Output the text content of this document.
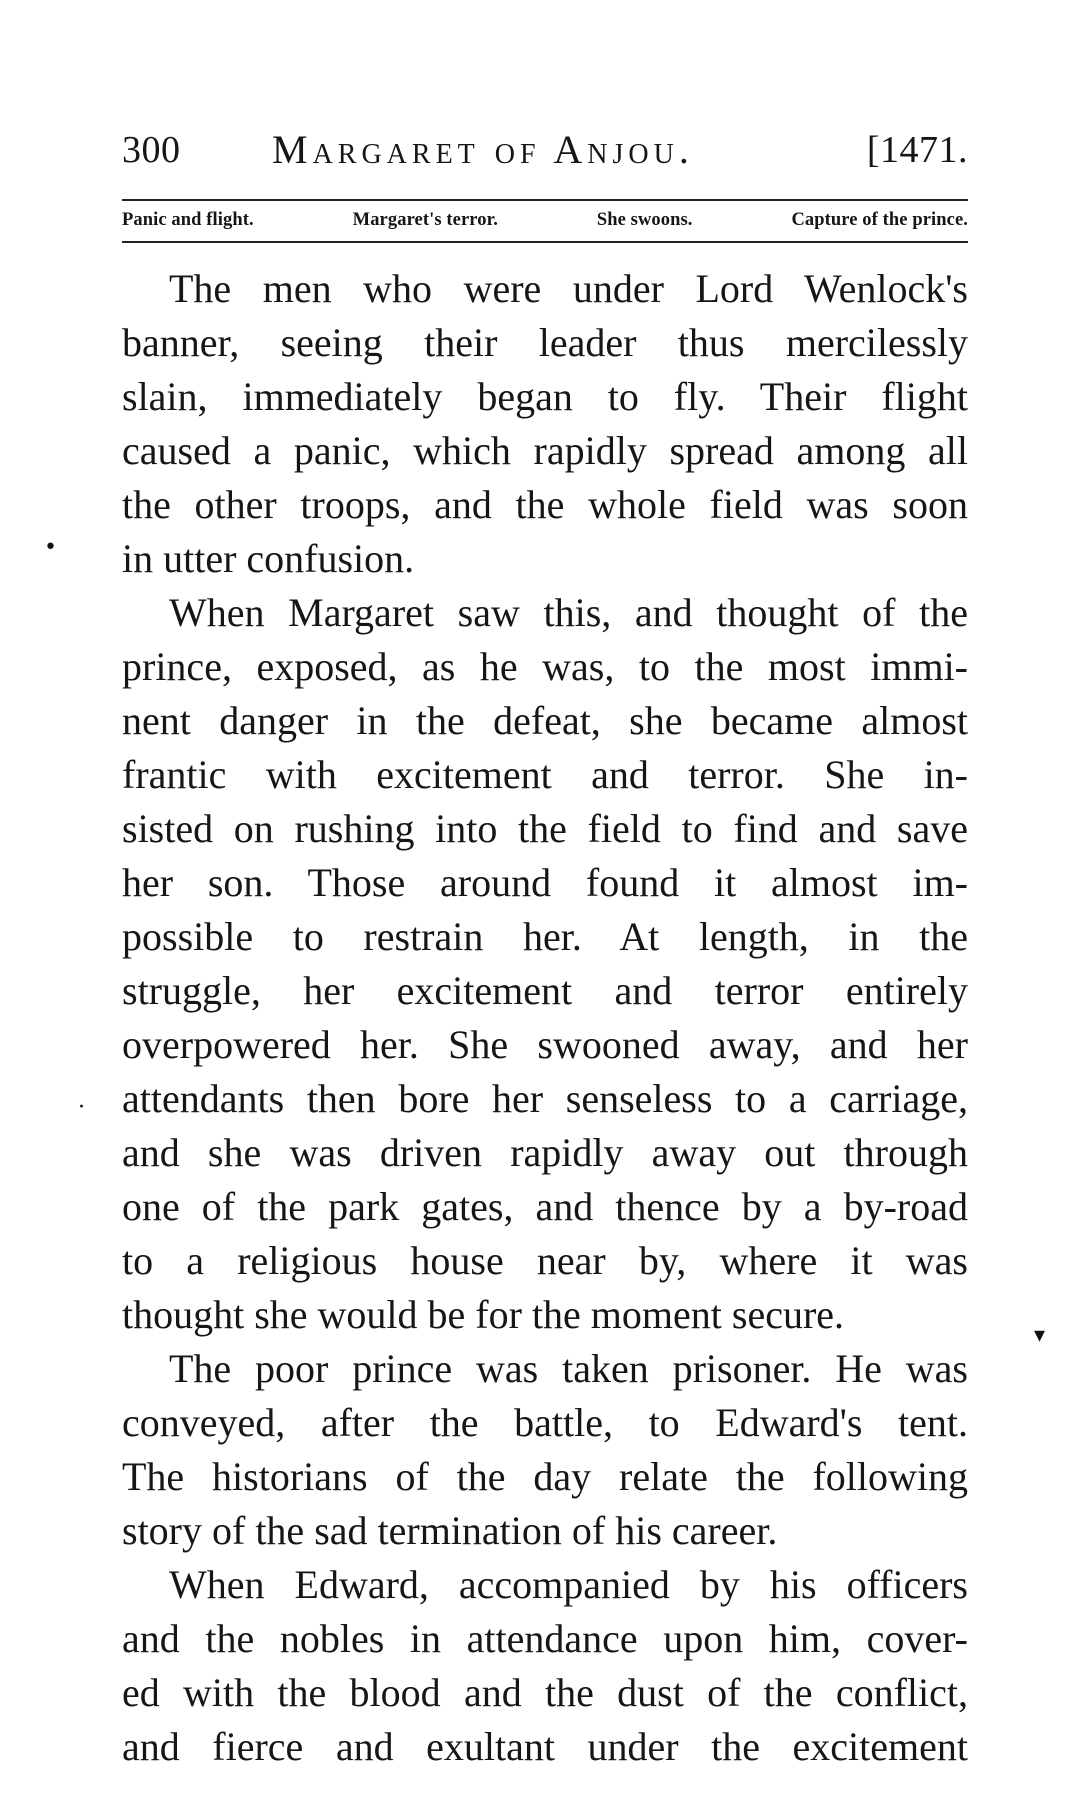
300 Margaret of Anjou.	[1471.
Panic and flight.	Margaret's terror.	She swoons.	Capture of the prince.

The men who were under Lord Wenlock's
banner, seeing their leader thus mercilessly
slain, immediately began to fly. Their flight
caused a panic, which rapidly spread among all
the other troops, and the whole field was soon
in utter confusion.

When Margaret saw this, and thought of the
prince, exposed, as he was, to the most immi-
nent danger in the defeat, she became almost
frantic with excitement and terror. She in-
sisted on rushing into the field to find and save
her son. Those around found it almost im-
possible to restrain her. At length, in the
struggle, her excitement and terror entirely
overpowered her. She swooned away, and her
attendants then bore her senseless to a carriage,
and she was driven rapidly away out through
one of the park gates, and thence by a by-road
to a religious house near by, where it was
thought she would be for the moment secure.

The poor prince was taken prisoner. He was
conveyed, after the battle, to Edward's tent.
The historians of the day relate the following
story of the sad termination of his career.

When Edward, accompanied by his officers
and the nobles in attendance upon him, cover-
ed with the blood and the dust of the conflict,
and fierce and exultant under the excitement

•
·
▾
